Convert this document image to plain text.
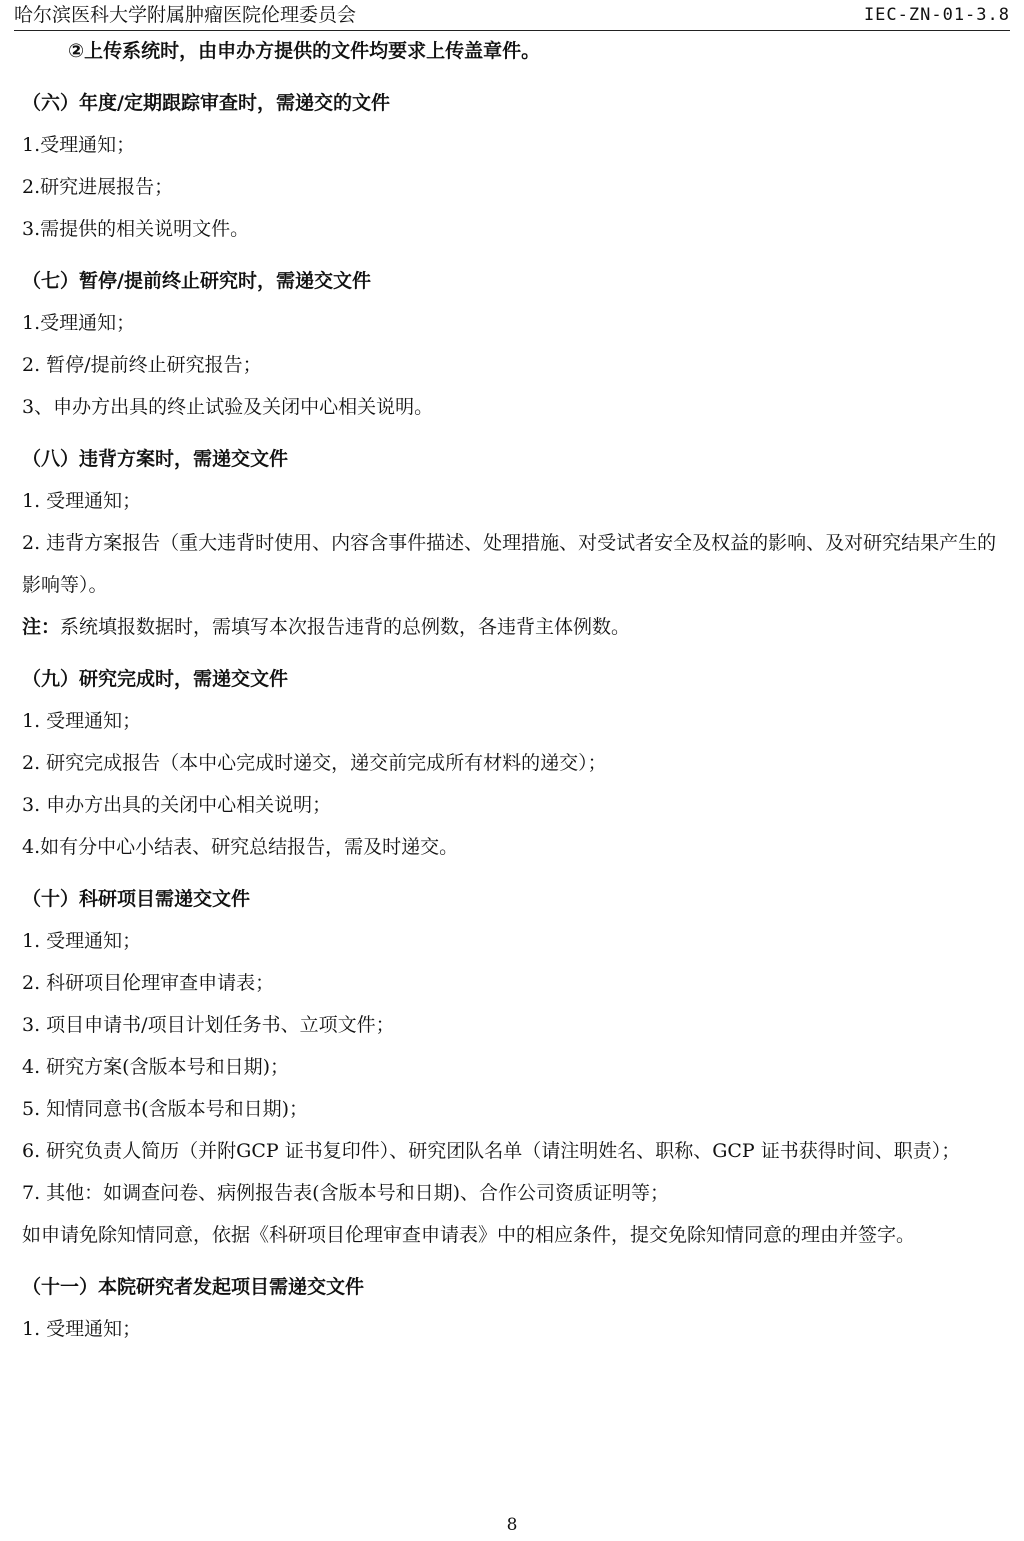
哈尔滨医科大学附属肿瘤医院伦理委员会	IEC-ZN-01-3.8
②上传系统时，由申办方提供的文件均要求上传盖章件。
（六）年度/定期跟踪审查时，需递交的文件
1.受理通知；
2.研究进展报告；
3.需提供的相关说明文件。
（七）暂停/提前终止研究时，需递交文件
1.受理通知；
2. 暂停/提前终止研究报告；
3、申办方出具的终止试验及关闭中心相关说明。
（八）违背方案时，需递交文件
1. 受理通知；
2. 违背方案报告（重大违背时使用、内容含事件描述、处理措施、对受试者安全及权益的影响、及对研究结果产生的影响等）。
注：系统填报数据时，需填写本次报告违背的总例数，各违背主体例数。
（九）研究完成时，需递交文件
1. 受理通知；
2. 研究完成报告（本中心完成时递交，递交前完成所有材料的递交）；
3. 申办方出具的关闭中心相关说明；
4.如有分中心小结表、研究总结报告，需及时递交。
（十）科研项目需递交文件
1. 受理通知；
2. 科研项目伦理审查申请表；
3. 项目申请书/项目计划任务书、立项文件；
4. 研究方案(含版本号和日期)；
5. 知情同意书(含版本号和日期)；
6. 研究负责人简历（并附GCP 证书复印件）、研究团队名单（请注明姓名、职称、GCP 证书获得时间、职责）；
7. 其他：如调查问卷、病例报告表(含版本号和日期)、合作公司资质证明等；
如申请免除知情同意，依据《科研项目伦理审查申请表》中的相应条件，提交免除知情同意的理由并签字。
（十一）本院研究者发起项目需递交文件
1. 受理通知；
8
